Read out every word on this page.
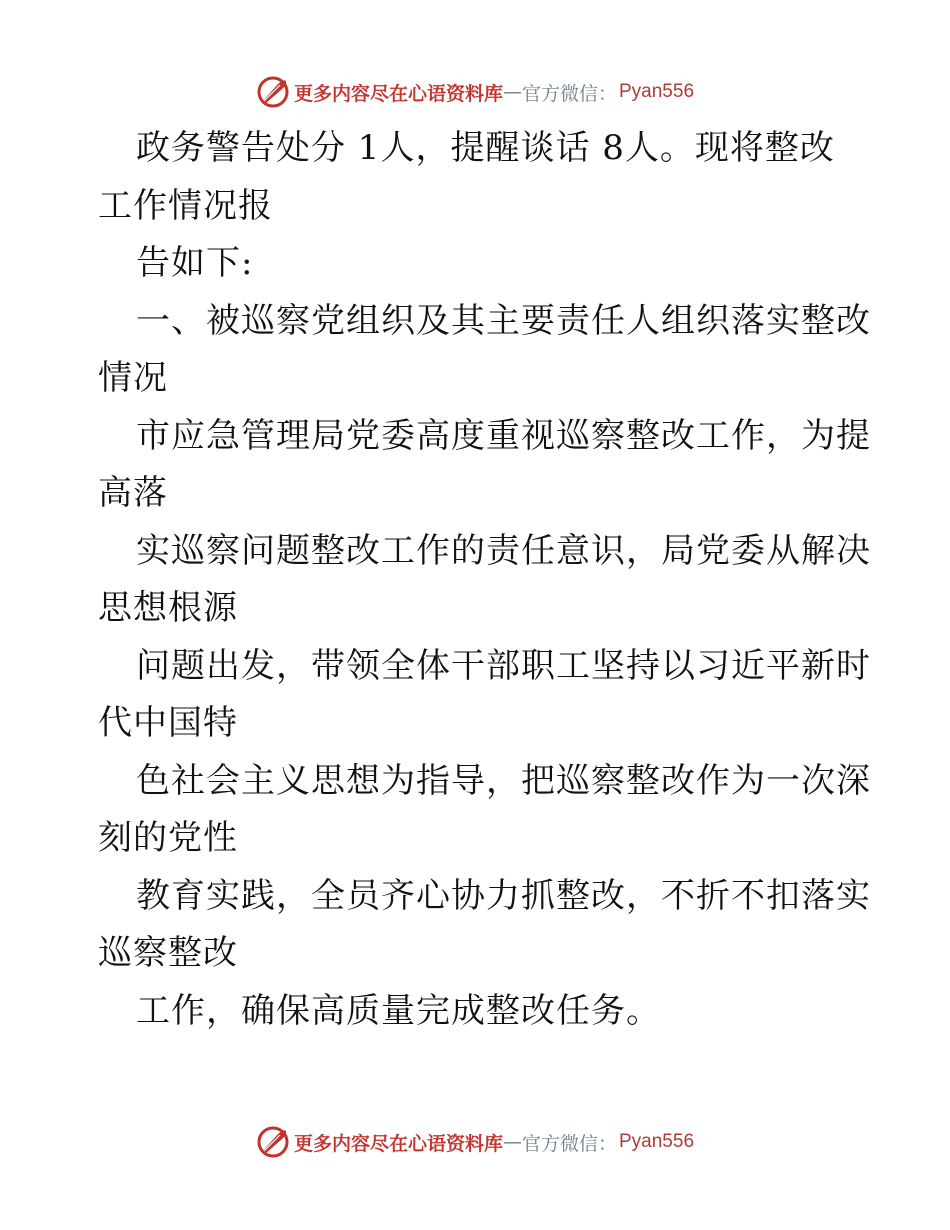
更多内容尽在心语资料库 — 官方微信： Pyan556
政务警告处分 1人，提醒谈话 8人。现将整改
工作情况报
告如下:
一、被巡察党组织及其主要责任人组织落实整改
情况
市应急管理局党委高度重视巡察整改工作，为提
高落
实巡察问题整改工作的责任意识，局党委从解决
思想根源
问题出发，带领全体干部职工坚持以习近平新时
代中国特
色社会主义思想为指导，把巡察整改作为一次深
刻的党性
教育实践，全员齐心协力抓整改，不折不扣落实
巡察整改
工作，确保高质量完成整改任务。
更多内容尽在心语资料库 — 官方微信： Pyan556
